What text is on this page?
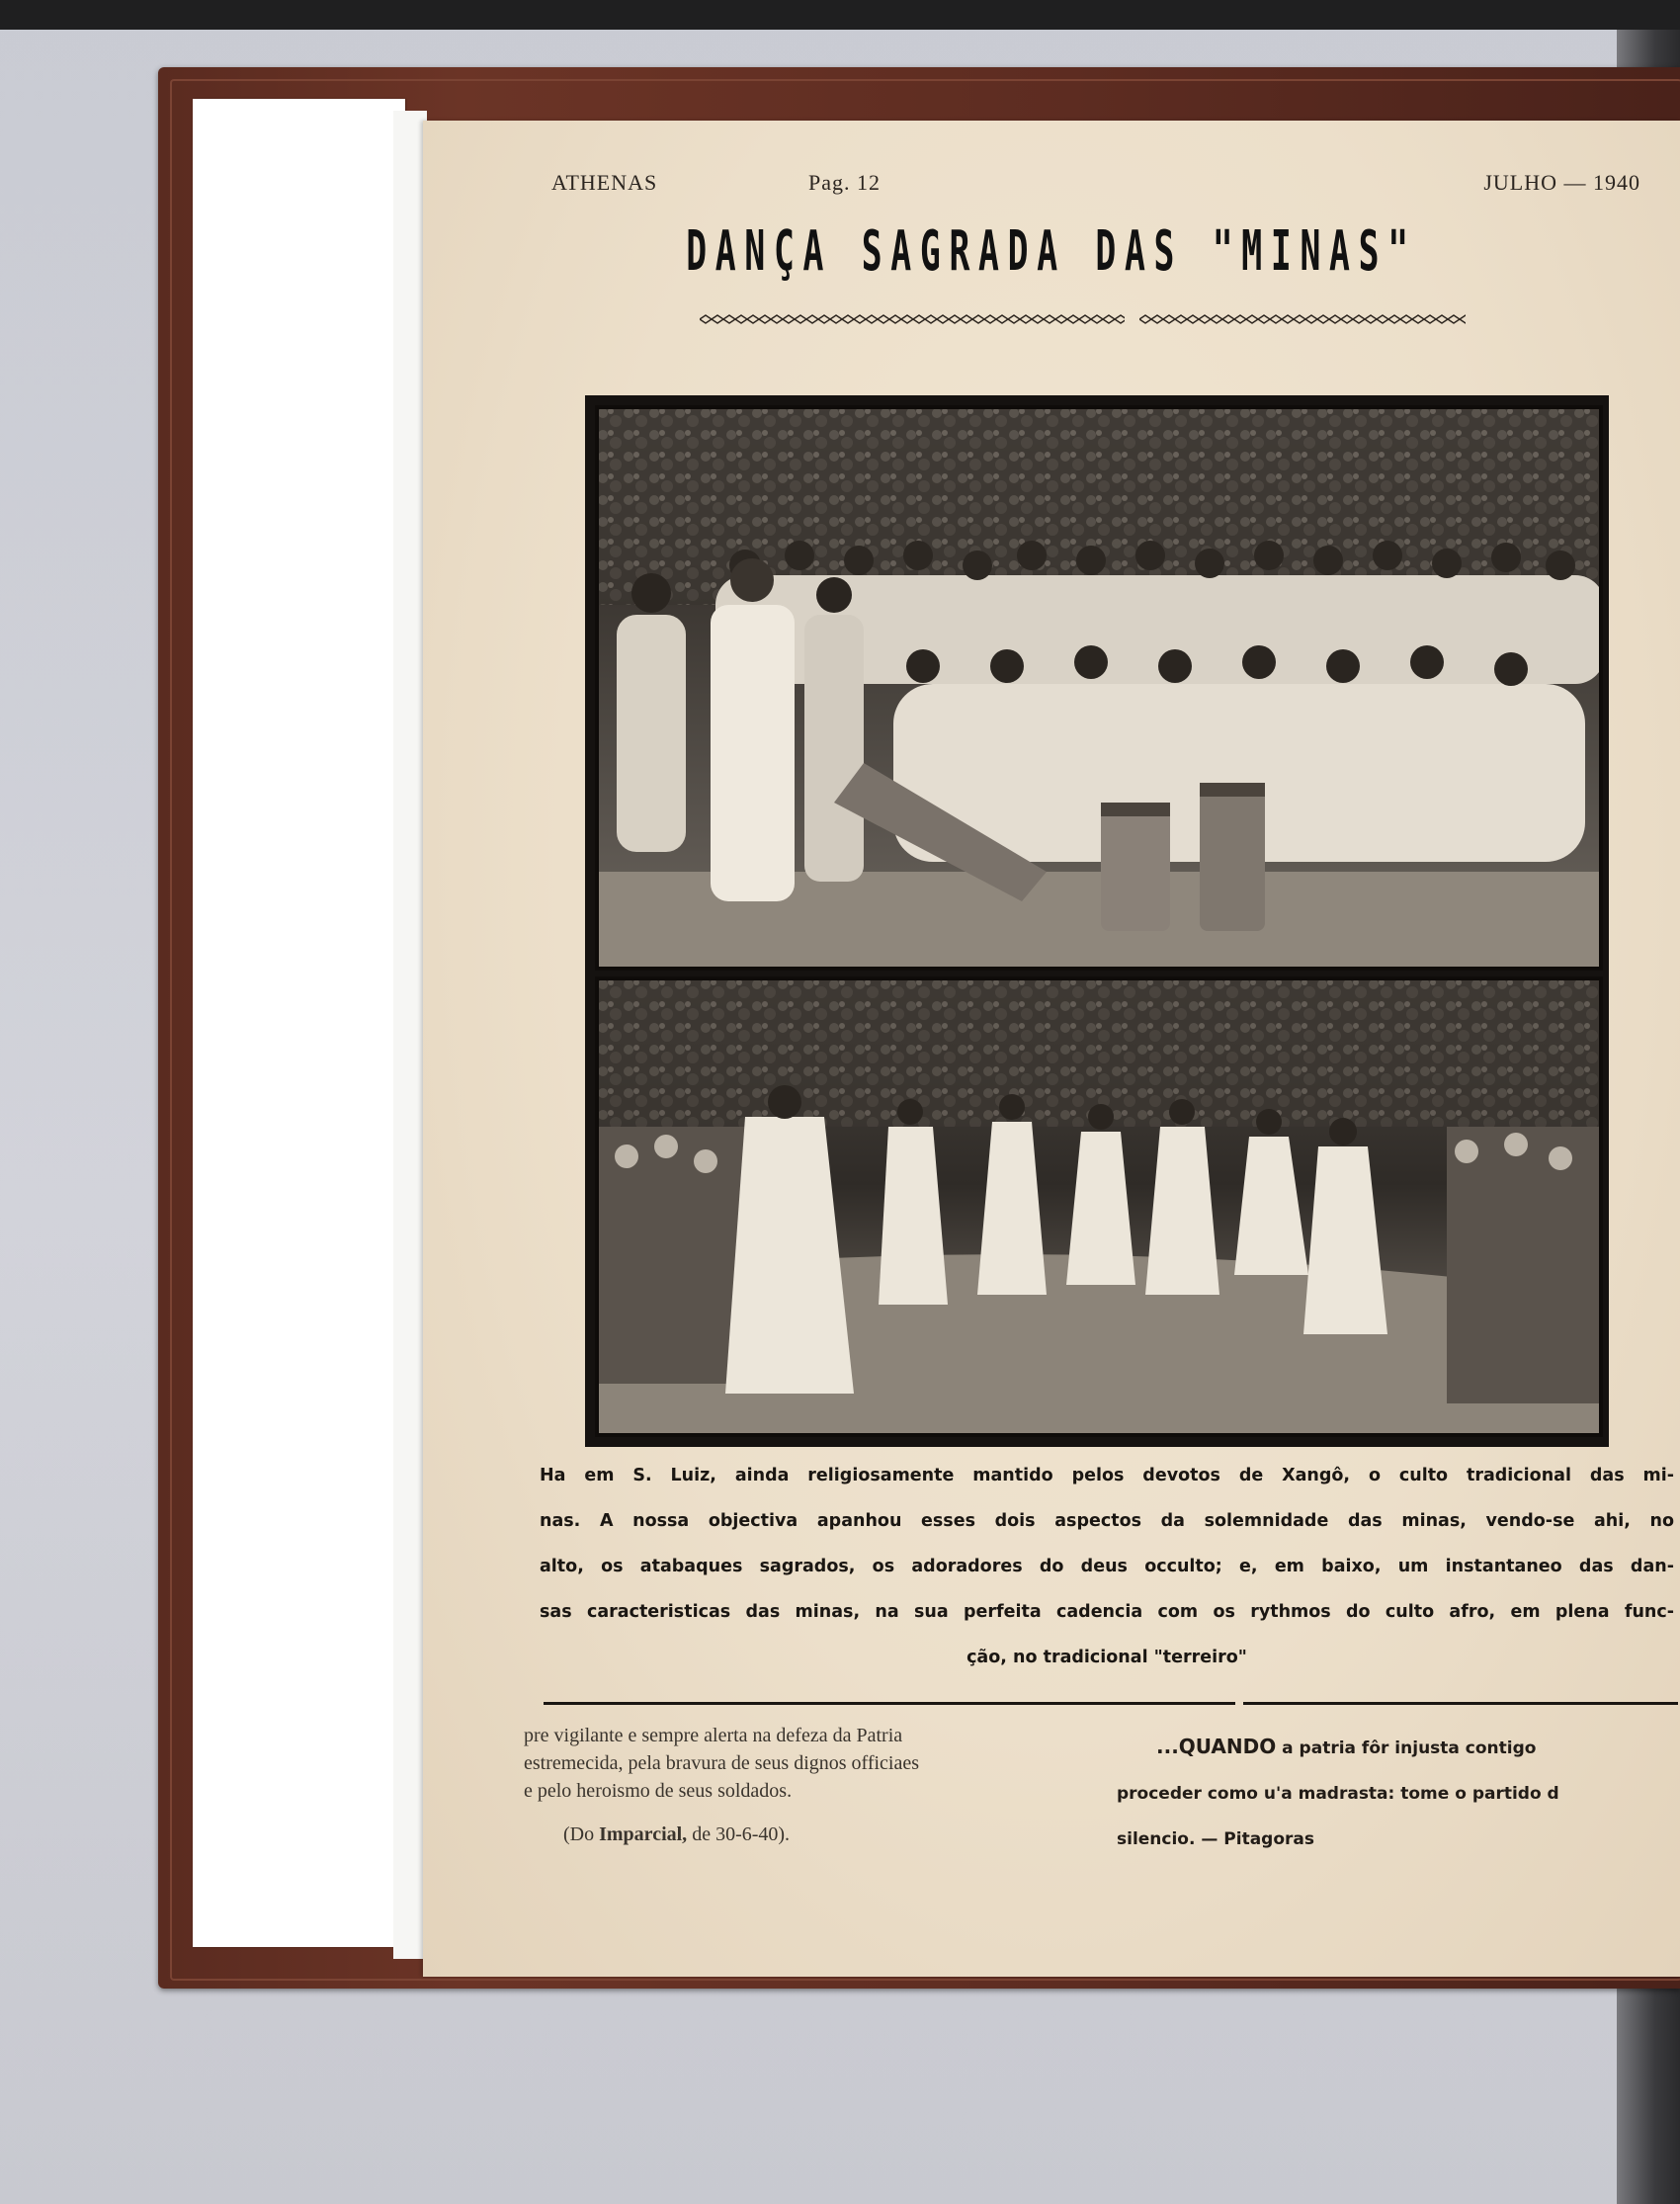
ATHENAS	Pag. 12	JULHO — 1940
DANÇA SAGRADA DAS "MINAS"
Ha em S. Luiz, ainda religiosamente mantido pelos devotos de Xangô, o culto tradicional das mi-
nas. A nossa objectiva apanhou esses dois aspectos da solemnidade das minas, vendo-se ahi, no
alto, os atabaques sagrados, os adoradores do deus occulto; e, em baixo, um instantaneo das dan-
sas caracteristicas das minas, na sua perfeita cadencia com os rythmos do culto afro, em plena func-
ção, no tradicional "terreiro"
pre vigilante e sempre alerta na defeza da Patria
estremecida, pela bravura de seus dignos officiaes
e pelo heroismo de seus soldados.
(Do Imparcial, de 30-6-40).
...QUANDO a patria fôr injusta contigo
proceder como u'a madrasta: tome o partido d
silencio. — Pitagoras
